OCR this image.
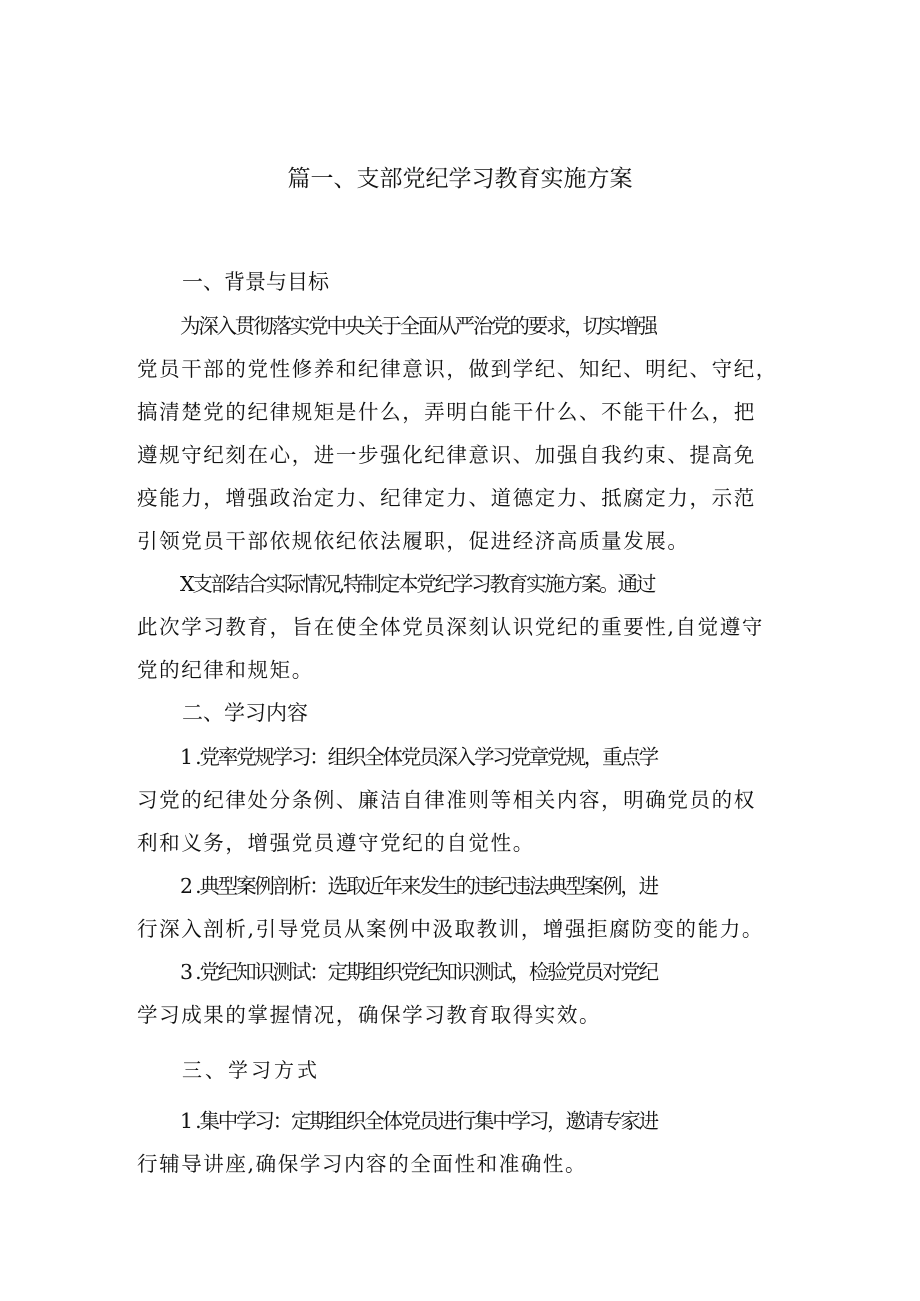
篇一、支部党纪学习教育实施方案
一、背景与目标

为深入贯彻落实党中央关于全面从严治党的要求，切实增强

党员干部的党性修养和纪律意识，做到学纪、知纪、明纪、守纪，

搞清楚党的纪律规矩是什么，弄明白能干什么、不能干什么，把

遵规守纪刻在心，进一步强化纪律意识、加强自我约束、提高免

疫能力，增强政治定力、纪律定力、道德定力、抵腐定力，示范

引领党员干部依规依纪依法履职，促进经济高质量发展。

X支部结合实际情况,特制定本党纪学习教育实施方案。通过

此次学习教育，旨在使全体党员深刻认识党纪的重要性,自觉遵守

党的纪律和规矩。

二、学习内容

1 .党率党规学习：组织全体党员深入学习党章党规，重点学

习党的纪律处分条例、廉洁自律准则等相关内容，明确党员的权

利和义务，增强党员遵守党纪的自觉性。

2 .典型案例剖析：选取近年来发生的违纪违法典型案例，进

行深入剖析,引导党员从案例中汲取教训，增强拒腐防变的能力。

3 .党纪知识测试：定期组织党纪知识测试，检验党员对党纪

学习成果的掌握情况，确保学习教育取得实效。

三、学习方式

1 .集中学习：定期组织全体党员进行集中学习，邀请专家进

行辅导讲座,确保学习内容的全面性和准确性。
